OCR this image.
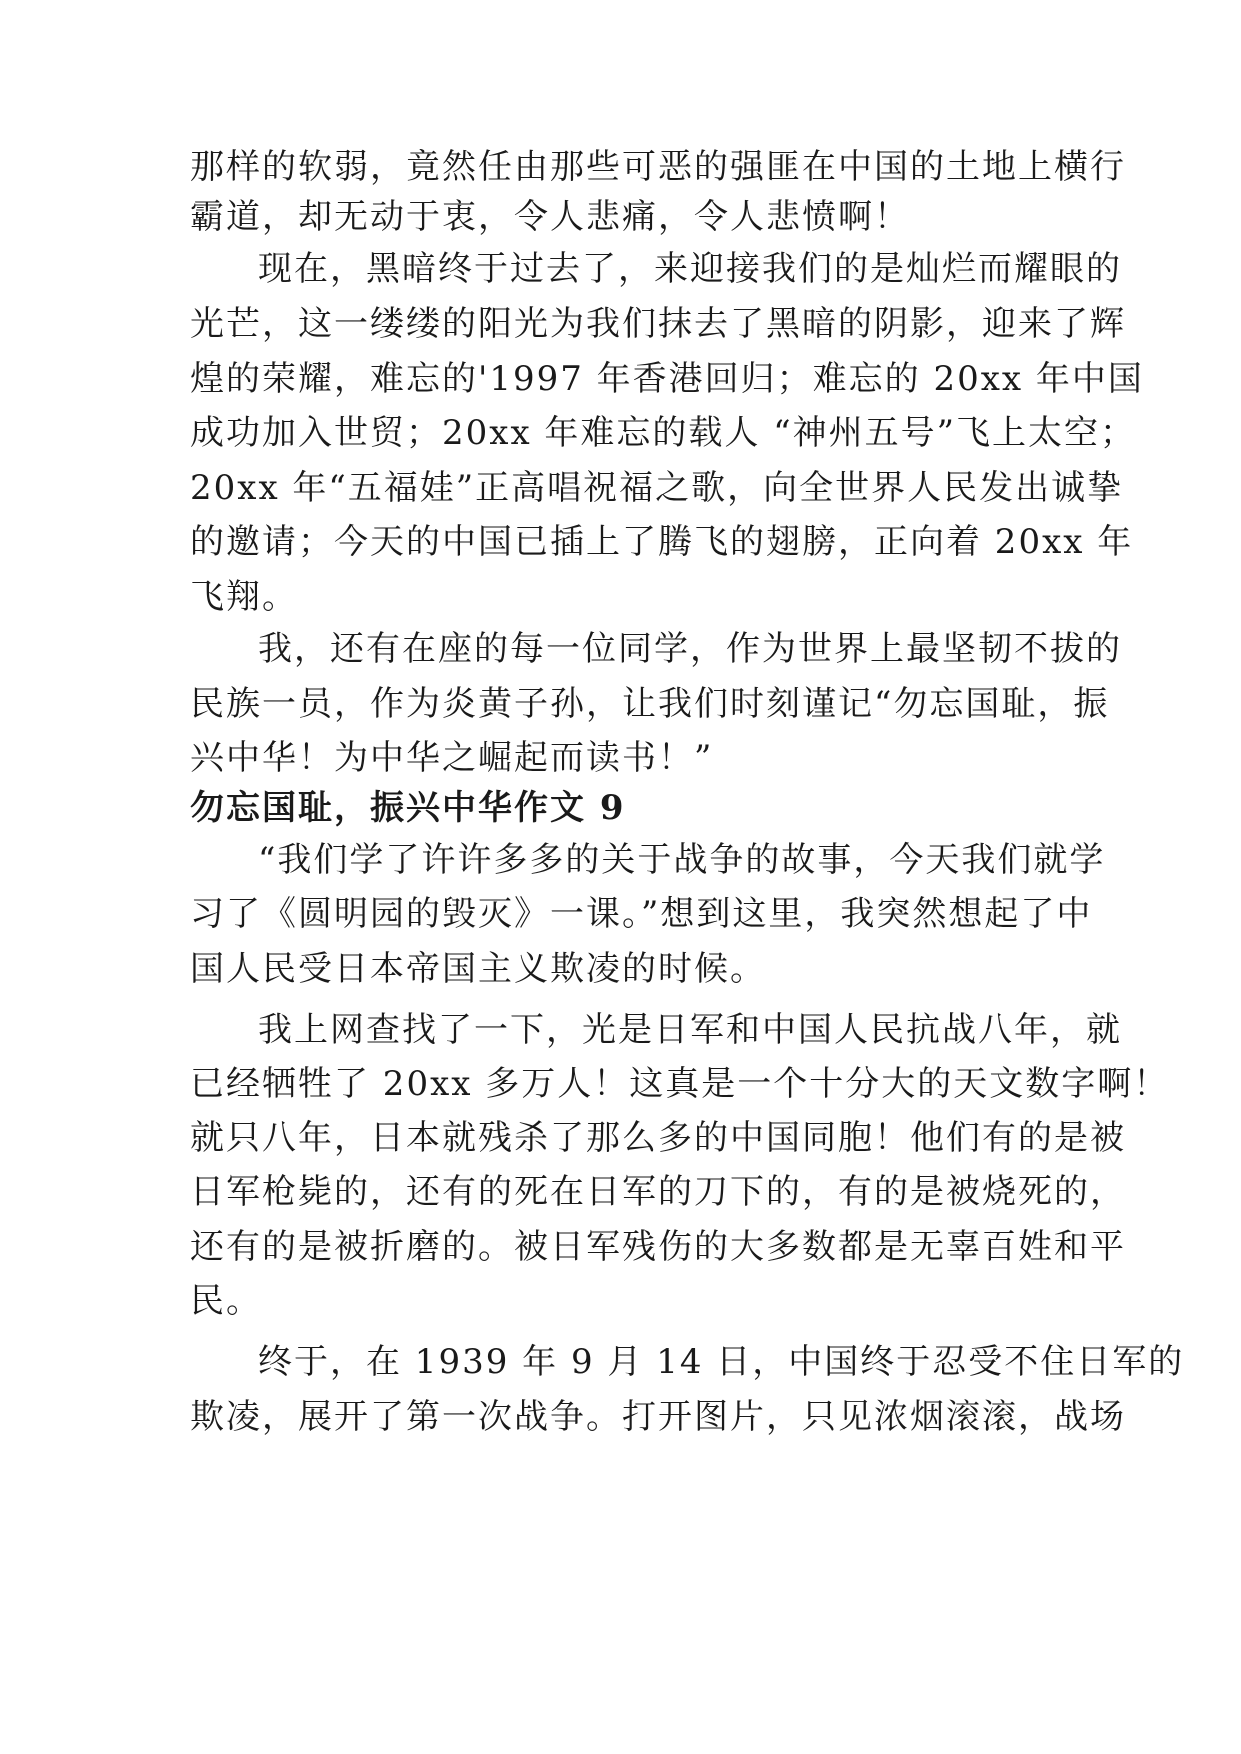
那样的软弱，竟然任由那些可恶的强匪在中国的土地上横行

霸道，却无动于衷，令人悲痛，令人悲愤啊！

现在，黑暗终于过去了，来迎接我们的是灿烂而耀眼的

光芒，这一缕缕的阳光为我们抹去了黑暗的阴影，迎来了辉

煌的荣耀，难忘的'1997 年香港回归；难忘的 20xx 年中国

成功加入世贸；20xx 年难忘的载人 “神州五号”飞上太空；

20xx 年“五福娃”正高唱祝福之歌，向全世界人民发出诚挚

的邀请；今天的中国已插上了腾飞的翅膀，正向着 20xx 年

飞翔。

我，还有在座的每一位同学，作为世界上最坚韧不拔的

民族一员，作为炎黄子孙，让我们时刻谨记“勿忘国耻，振

兴中华！为中华之崛起而读书！”

勿忘国耻，振兴中华作文 9

“我们学了许许多多的关于战争的故事，今天我们就学

习了《圆明园的毁灭》一课。”想到这里，我突然想起了中

国人民受日本帝国主义欺凌的时候。

我上网查找了一下，光是日军和中国人民抗战八年，就

已经牺牲了 20xx 多万人！这真是一个十分大的天文数字啊！

就只八年，日本就残杀了那么多的中国同胞！他们有的是被

日军枪毙的，还有的死在日军的刀下的，有的是被烧死的，

还有的是被折磨的。被日军残伤的大多数都是无辜百姓和平

民。

终于，在 1939 年 9 月 14 日，中国终于忍受不住日军的

欺凌，展开了第一次战争。打开图片，只见浓烟滚滚，战场
